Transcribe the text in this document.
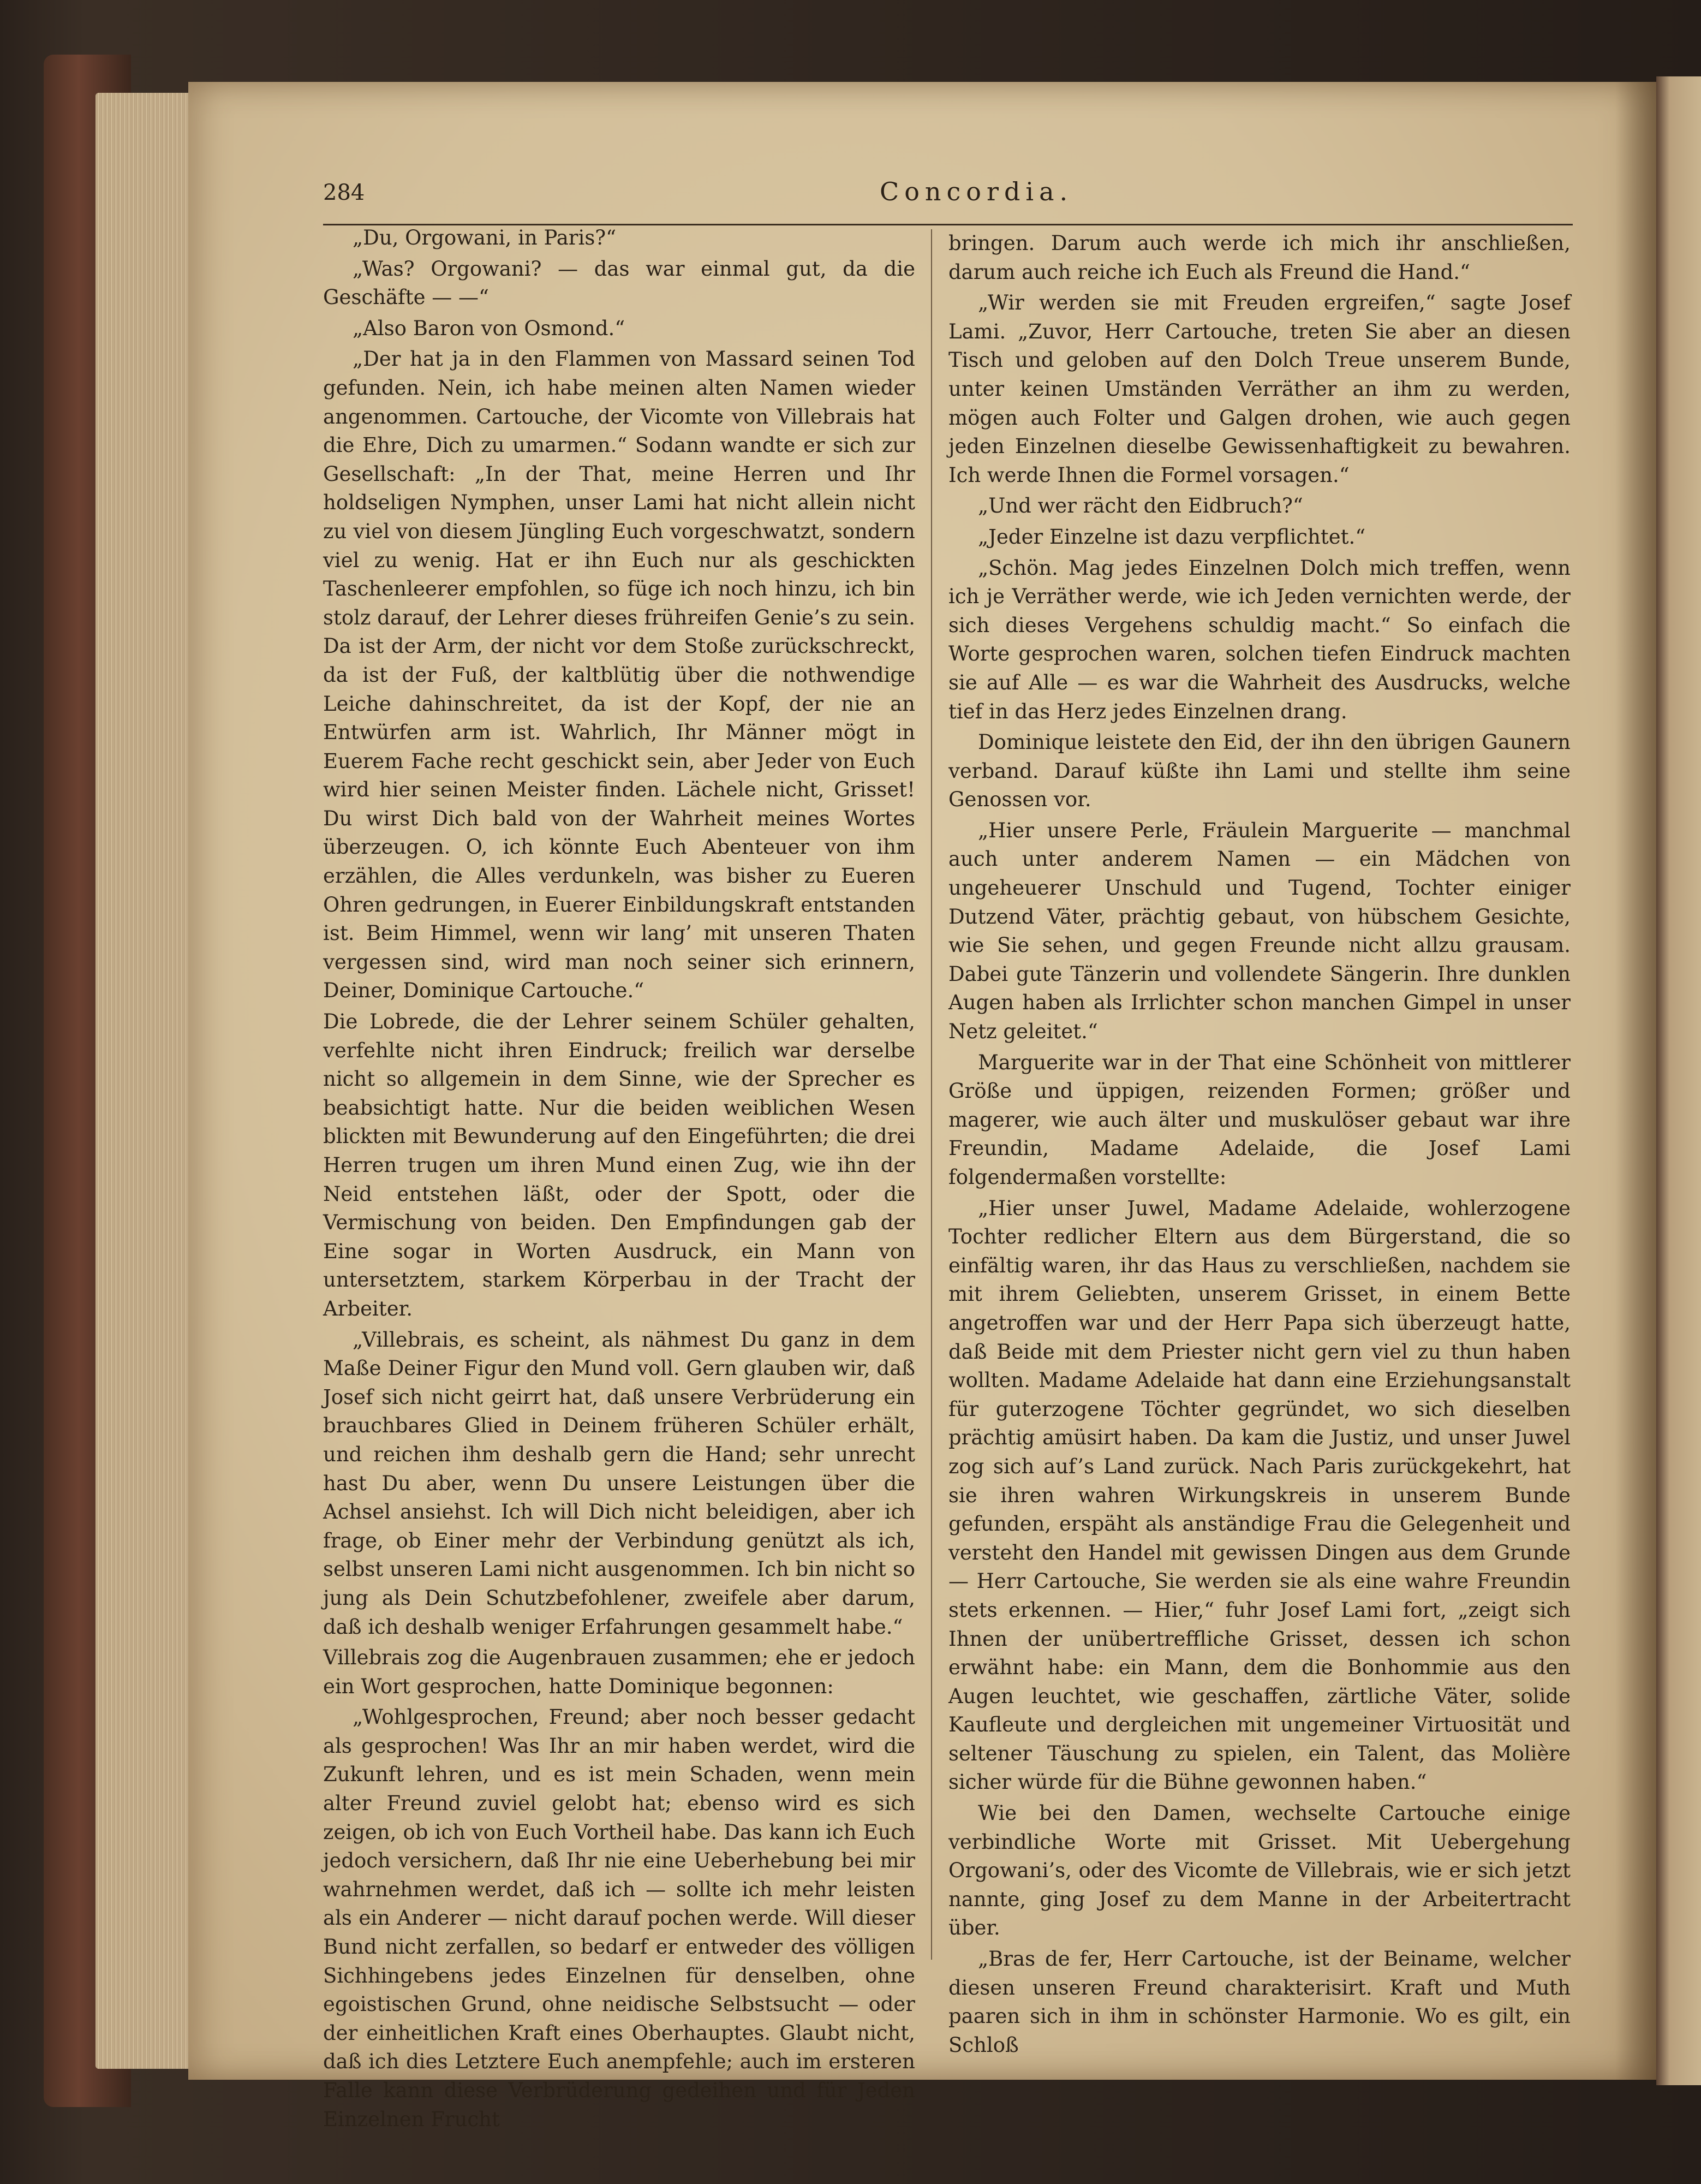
284	Concordia.

„Du, Orgowani, in Paris?“

„Was? Orgowani? — das war einmal gut, da die Geschäfte — —“

„Also Baron von Osmond.“

„Der hat ja in den Flammen von Massard seinen Tod gefunden. Nein, ich habe meinen alten Namen wieder angenommen. Cartouche, der Vicomte von Villebrais hat die Ehre, Dich zu umarmen.“ Sodann wandte er sich zur Gesellschaft: „In der That, meine Herren und Ihr holdseligen Nymphen, unser Lami hat nicht allein nicht zu viel von diesem Jüngling Euch vorgeschwatzt, sondern viel zu wenig. Hat er ihn Euch nur als geschickten Taschenleerer empfohlen, so füge ich noch hinzu, ich bin stolz darauf, der Lehrer dieses frühreifen Genie’s zu sein. Da ist der Arm, der nicht vor dem Stoße zurückschreckt, da ist der Fuß, der kaltblütig über die nothwendige Leiche dahinschreitet, da ist der Kopf, der nie an Entwürfen arm ist. Wahrlich, Ihr Männer mögt in Euerem Fache recht geschickt sein, aber Jeder von Euch wird hier seinen Meister finden. Lächele nicht, Grisset! Du wirst Dich bald von der Wahrheit meines Wortes überzeugen. O, ich könnte Euch Abenteuer von ihm erzählen, die Alles verdunkeln, was bisher zu Eueren Ohren gedrungen, in Euerer Einbildungskraft entstanden ist. Beim Himmel, wenn wir lang’ mit unseren Thaten vergessen sind, wird man noch seiner sich erinnern, Deiner, Dominique Cartouche.“

Die Lobrede, die der Lehrer seinem Schüler gehalten, verfehlte nicht ihren Eindruck; freilich war derselbe nicht so allgemein in dem Sinne, wie der Sprecher es beabsichtigt hatte. Nur die beiden weiblichen Wesen blickten mit Bewunderung auf den Eingeführten; die drei Herren trugen um ihren Mund einen Zug, wie ihn der Neid entstehen läßt, oder der Spott, oder die Vermischung von beiden. Den Empfindungen gab der Eine sogar in Worten Ausdruck, ein Mann von untersetztem, starkem Körperbau in der Tracht der Arbeiter.

„Villebrais, es scheint, als nähmest Du ganz in dem Maße Deiner Figur den Mund voll. Gern glauben wir, daß Josef sich nicht geirrt hat, daß unsere Verbrüderung ein brauchbares Glied in Deinem früheren Schüler erhält, und reichen ihm deshalb gern die Hand; sehr unrecht hast Du aber, wenn Du unsere Leistungen über die Achsel ansiehst. Ich will Dich nicht beleidigen, aber ich frage, ob Einer mehr der Verbindung genützt als ich, selbst unseren Lami nicht ausgenommen. Ich bin nicht so jung als Dein Schutzbefohlener, zweifele aber darum, daß ich deshalb weniger Erfahrungen gesammelt habe.“

Villebrais zog die Augenbrauen zusammen; ehe er jedoch ein Wort gesprochen, hatte Dominique begonnen:

„Wohlgesprochen, Freund; aber noch besser gedacht als gesprochen! Was Ihr an mir haben werdet, wird die Zukunft lehren, und es ist mein Schaden, wenn mein alter Freund zuviel gelobt hat; ebenso wird es sich zeigen, ob ich von Euch Vortheil habe. Das kann ich Euch jedoch versichern, daß Ihr nie eine Ueberhebung bei mir wahrnehmen werdet, daß ich — sollte ich mehr leisten als ein Anderer — nicht darauf pochen werde. Will dieser Bund nicht zerfallen, so bedarf er entweder des völligen Sichhingebens jedes Einzelnen für denselben, ohne egoistischen Grund, ohne neidische Selbstsucht — oder der einheitlichen Kraft eines Oberhauptes. Glaubt nicht, daß ich dies Letztere Euch anempfehle; auch im ersteren Falle kann diese Verbrüderung gedeihen und für Jeden Einzelnen Frucht

bringen. Darum auch werde ich mich ihr anschließen, darum auch reiche ich Euch als Freund die Hand.“

„Wir werden sie mit Freuden ergreifen,“ sagte Josef Lami. „Zuvor, Herr Cartouche, treten Sie aber an diesen Tisch und geloben auf den Dolch Treue unserem Bunde, unter keinen Umständen Verräther an ihm zu werden, mögen auch Folter und Galgen drohen, wie auch gegen jeden Einzelnen dieselbe Gewissenhaftigkeit zu bewahren. Ich werde Ihnen die Formel vorsagen.“

„Und wer rächt den Eidbruch?“

„Jeder Einzelne ist dazu verpflichtet.“

„Schön. Mag jedes Einzelnen Dolch mich treffen, wenn ich je Verräther werde, wie ich Jeden vernichten werde, der sich dieses Vergehens schuldig macht.“ So einfach die Worte gesprochen waren, solchen tiefen Eindruck machten sie auf Alle — es war die Wahrheit des Ausdrucks, welche tief in das Herz jedes Einzelnen drang.

Dominique leistete den Eid, der ihn den übrigen Gaunern verband. Darauf küßte ihn Lami und stellte ihm seine Genossen vor.

„Hier unsere Perle, Fräulein Marguerite — manchmal auch unter anderem Namen — ein Mädchen von ungeheuerer Unschuld und Tugend, Tochter einiger Dutzend Väter, prächtig gebaut, von hübschem Gesichte, wie Sie sehen, und gegen Freunde nicht allzu grausam. Dabei gute Tänzerin und vollendete Sängerin. Ihre dunklen Augen haben als Irrlichter schon manchen Gimpel in unser Netz geleitet.“

Marguerite war in der That eine Schönheit von mittlerer Größe und üppigen, reizenden Formen; größer und magerer, wie auch älter und muskulöser gebaut war ihre Freundin, Madame Adelaide, die Josef Lami folgendermaßen vorstellte:

„Hier unser Juwel, Madame Adelaide, wohlerzogene Tochter redlicher Eltern aus dem Bürgerstand, die so einfältig waren, ihr das Haus zu verschließen, nachdem sie mit ihrem Geliebten, unserem Grisset, in einem Bette angetroffen war und der Herr Papa sich überzeugt hatte, daß Beide mit dem Priester nicht gern viel zu thun haben wollten. Madame Adelaide hat dann eine Erziehungsanstalt für guterzogene Töchter gegründet, wo sich dieselben prächtig amüsirt haben. Da kam die Justiz, und unser Juwel zog sich auf’s Land zurück. Nach Paris zurückgekehrt, hat sie ihren wahren Wirkungskreis in unserem Bunde gefunden, erspäht als anständige Frau die Gelegenheit und versteht den Handel mit gewissen Dingen aus dem Grunde — Herr Cartouche, Sie werden sie als eine wahre Freundin stets erkennen. — Hier,“ fuhr Josef Lami fort, „zeigt sich Ihnen der unübertreffliche Grisset, dessen ich schon erwähnt habe: ein Mann, dem die Bonhommie aus den Augen leuchtet, wie geschaffen, zärtliche Väter, solide Kaufleute und dergleichen mit ungemeiner Virtuosität und seltener Täuschung zu spielen, ein Talent, das Molière sicher würde für die Bühne gewonnen haben.“

Wie bei den Damen, wechselte Cartouche einige verbindliche Worte mit Grisset. Mit Uebergehung Orgowani’s, oder des Vicomte de Villebrais, wie er sich jetzt nannte, ging Josef zu dem Manne in der Arbeitertracht über.

„Bras de fer, Herr Cartouche, ist der Beiname, welcher diesen unseren Freund charakterisirt. Kraft und Muth paaren sich in ihm in schönster Harmonie. Wo es gilt, ein Schloß
